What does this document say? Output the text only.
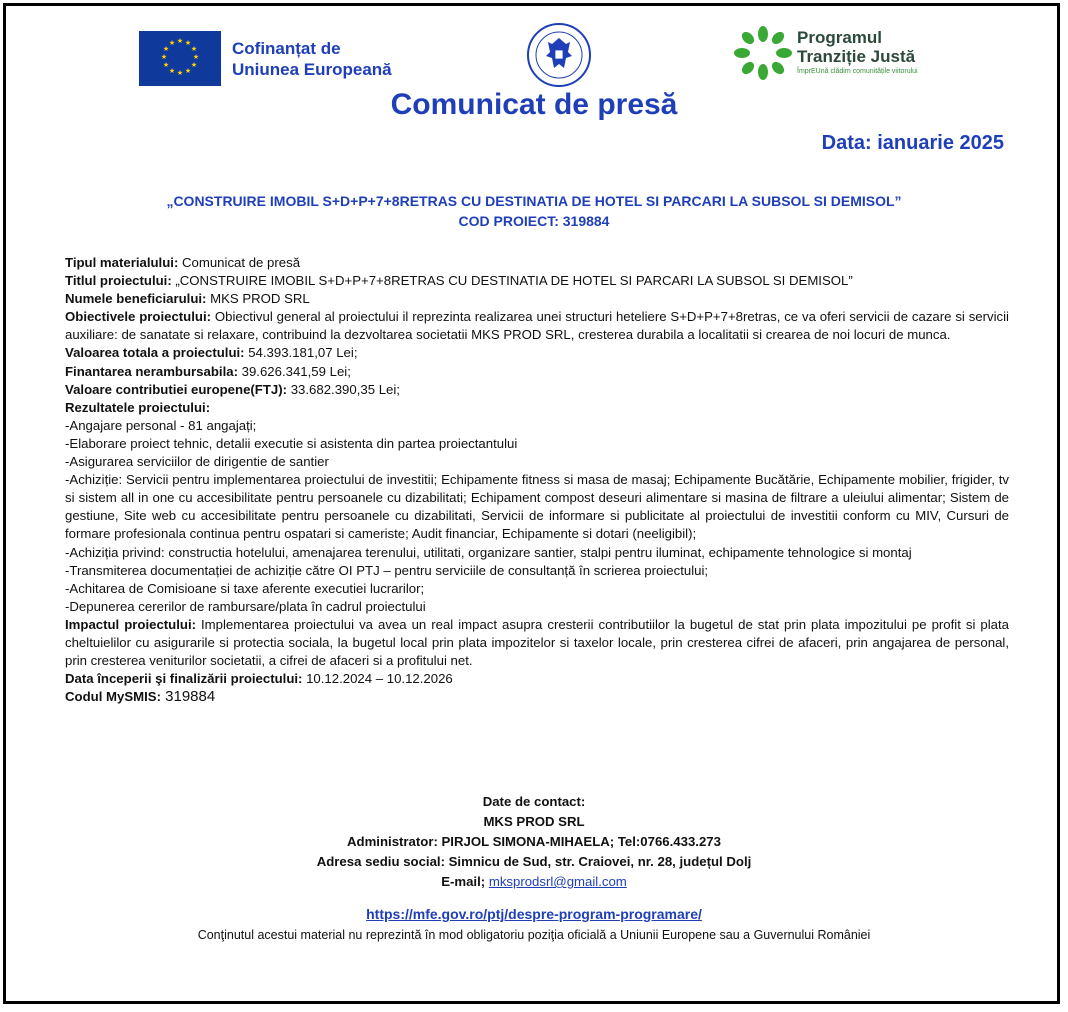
★ ★
★
★
★
★
★
★
★
★
★
★	Cofinanțat de
Uniunea Europeană
Programul
Tranziție Justă
ÎmprEUnă clădim comunitățile viitorului
Comunicat de presă
Data: ianuarie 2025
„CONSTRUIRE IMOBIL S+D+P+7+8RETRAS CU DESTINATIA DE HOTEL SI PARCARI LA SUBSOL SI DEMISOL”
COD PROIECT: 319884

Tipul materialului: Comunicat de presă

Titlul proiectului: „CONSTRUIRE IMOBIL S+D+P+7+8RETRAS CU DESTINATIA DE HOTEL SI PARCARI LA SUBSOL SI DEMISOL”

Numele beneficiarului: MKS PROD SRL

Obiectivele proiectului: Obiectivul general al proiectului il reprezinta realizarea unei structuri heteliere S+D+P+7+8retras, ce va oferi servicii de cazare si servicii auxiliare: de sanatate si relaxare, contribuind la dezvoltarea societatii MKS PROD SRL, cresterea durabila a localitatii si crearea de noi locuri de munca.

Valoarea totala a proiectului: 54.393.181,07 Lei;

Finantarea nerambursabila: 39.626.341,59 Lei;

Valoare contributiei europene(FTJ): 33.682.390,35 Lei;

Rezultatele proiectului:

-Angajare personal - 81 angajați;

-Elaborare proiect tehnic, detalii executie si asistenta din partea proiectantului

-Asigurarea serviciilor de dirigentie de santier

-Achiziție: Servicii pentru implementarea proiectului de investitii; Echipamente fitness si masa de masaj; Echipamente Bucătărie, Echipamente mobilier, frigider, tv si sistem all in one cu accesibilitate pentru persoanele cu dizabilitati; Echipament compost deseuri alimentare si masina de filtrare a uleiului alimentar; Sistem de gestiune, Site web cu accesibilitate pentru persoanele cu dizabilitati, Servicii de informare si publicitate al proiectului de investitii conform cu MIV, Cursuri de formare profesionala continua pentru ospatari si cameriste; Audit financiar, Echipamente si dotari (neeligibil);

-Achiziția privind: constructia hotelului, amenajarea terenului, utilitati, organizare santier, stalpi pentru iluminat, echipamente tehnologice si montaj

-Transmiterea documentației de achiziție către OI PTJ – pentru serviciile de consultanță în scrierea proiectului;

-Achitarea de Comisioane si taxe aferente executiei lucrarilor;

-Depunerea cererilor de rambursare/plata în cadrul proiectului

Impactul proiectului: Implementarea proiectului va avea un real impact asupra cresterii contributiilor la bugetul de stat prin plata impozitului pe profit si plata cheltuielilor cu asigurarile si protectia sociala, la bugetul local prin plata impozitelor si taxelor locale, prin cresterea cifrei de afaceri, prin angajarea de personal, prin cresterea veniturilor societatii, a cifrei de afaceri si a profitului net.

Data începerii şi finalizării proiectului: 10.12.2024 – 10.12.2026

Codul MySMIS: 319884

Date de contact:
MKS PROD SRL
Administrator: PIRJOL SIMONA-MIHAELA; Tel:0766.433.273
Adresa sediu social: Simnicu de Sud, str. Craiovei, nr. 28, județul Dolj
E-mail; mksprodsrl@gmail.com
https://mfe.gov.ro/ptj/despre-program-programare/
Conţinutul acestui material nu reprezintă în mod obligatoriu poziţia oficială a Uniunii Europene sau a Guvernului României
